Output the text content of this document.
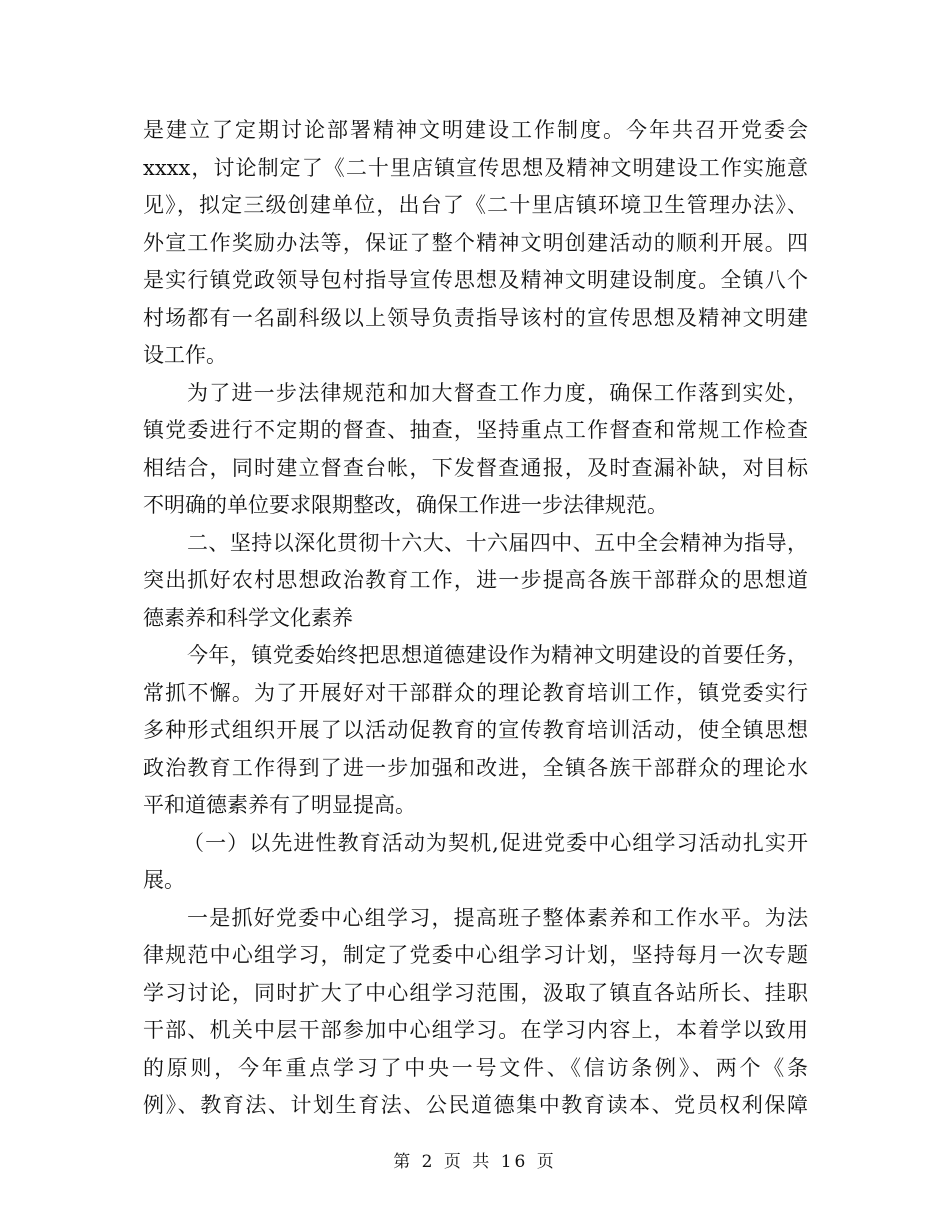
是建立了定期讨论部署精神文明建设工作制度。今年共召开党委会
xxxx，讨论制定了《二十里店镇宣传思想及精神文明建设工作实施意
见》，拟定三级创建单位，出台了《二十里店镇环境卫生管理办法》、
外宣工作奖励办法等，保证了整个精神文明创建活动的顺利开展。四
是实行镇党政领导包村指导宣传思想及精神文明建设制度。全镇八个
村场都有一名副科级以上领导负责指导该村的宣传思想及精神文明建
设工作。
为了进一步法律规范和加大督查工作力度，确保工作落到实处，
镇党委进行不定期的督查、抽查，坚持重点工作督查和常规工作检查
相结合，同时建立督查台帐，下发督查通报，及时查漏补缺，对目标
不明确的单位要求限期整改，确保工作进一步法律规范。
二、坚持以深化贯彻十六大、十六届四中、五中全会精神为指导，
突出抓好农村思想政治教育工作，进一步提高各族干部群众的思想道
德素养和科学文化素养
今年，镇党委始终把思想道德建设作为精神文明建设的首要任务，
常抓不懈。为了开展好对干部群众的理论教育培训工作，镇党委实行
多种形式组织开展了以活动促教育的宣传教育培训活动，使全镇思想
政治教育工作得到了进一步加强和改进，全镇各族干部群众的理论水
平和道德素养有了明显提高。
（一）以先进性教育活动为契机,促进党委中心组学习活动扎实开
展。
一是抓好党委中心组学习，提高班子整体素养和工作水平。为法
律规范中心组学习，制定了党委中心组学习计划，坚持每月一次专题
学习讨论，同时扩大了中心组学习范围，汲取了镇直各站所长、挂职
干部、机关中层干部参加中心组学习。在学习内容上，本着学以致用
的原则，今年重点学习了中央一号文件、《信访条例》、两个《条
例》、教育法、计划生育法、公民道德集中教育读本、党员权利保障
第 2 页 共 16 页
